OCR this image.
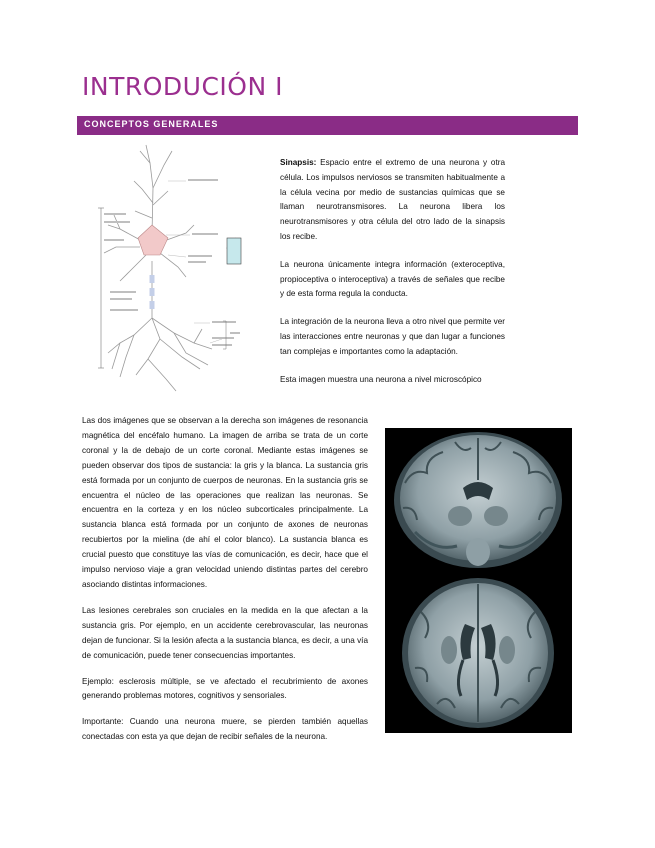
INTRODUCIÓN I
CONCEPTOS GENERALES

Sinapsis: Espacio entre el extremo de una neurona y otra célula. Los impulsos nerviosos se transmiten habitualmente a la célula vecina por medio de sustancias químicas que se llaman neurotransmisores. La neurona libera los neurotransmisores y otra célula del otro lado de la sinapsis los recibe.

La neurona únicamente integra información (exteroceptiva, propioceptiva o interoceptiva) a través de señales que recibe y de esta forma regula la conducta.

La integración de la neurona lleva a otro nivel que permite ver las interacciones entre neuronas y que dan lugar a funciones tan complejas e importantes como la adaptación.

Esta imagen muestra una neurona a nivel microscópico

Las dos imágenes que se observan a la derecha son imágenes de resonancia magnética del encéfalo humano. La imagen de arriba se trata de un corte coronal y la de debajo de un corte coronal. Mediante estas imágenes se pueden observar dos tipos de sustancia: la gris y la blanca. La sustancia gris está formada por un conjunto de cuerpos de neuronas. En la sustancia gris se encuentra el núcleo de las operaciones que realizan las neuronas. Se encuentra en la corteza y en los núcleo subcorticales principalmente. La sustancia blanca está formada por un conjunto de axones de neuronas recubiertos por la mielina (de ahí el color blanco). La sustancia blanca es crucial puesto que constituye las vías de comunicación, es decir, hace que el impulso nervioso viaje a gran velocidad uniendo distintas partes del cerebro asociando distintas informaciones.

Las lesiones cerebrales son cruciales en la medida en la que afectan a la sustancia gris. Por ejemplo, en un accidente cerebrovascular, las neuronas dejan de funcionar. Si la lesión afecta a la sustancia blanca, es decir, a una vía de comunicación, puede tener consecuencias importantes.

Ejemplo: esclerosis múltiple, se ve afectado el recubrimiento de axones generando problemas motores, cognitivos y sensoriales.

Importante: Cuando una neurona muere, se pierden también aquellas conectadas con esta ya que dejan de recibir señales de la neurona.
